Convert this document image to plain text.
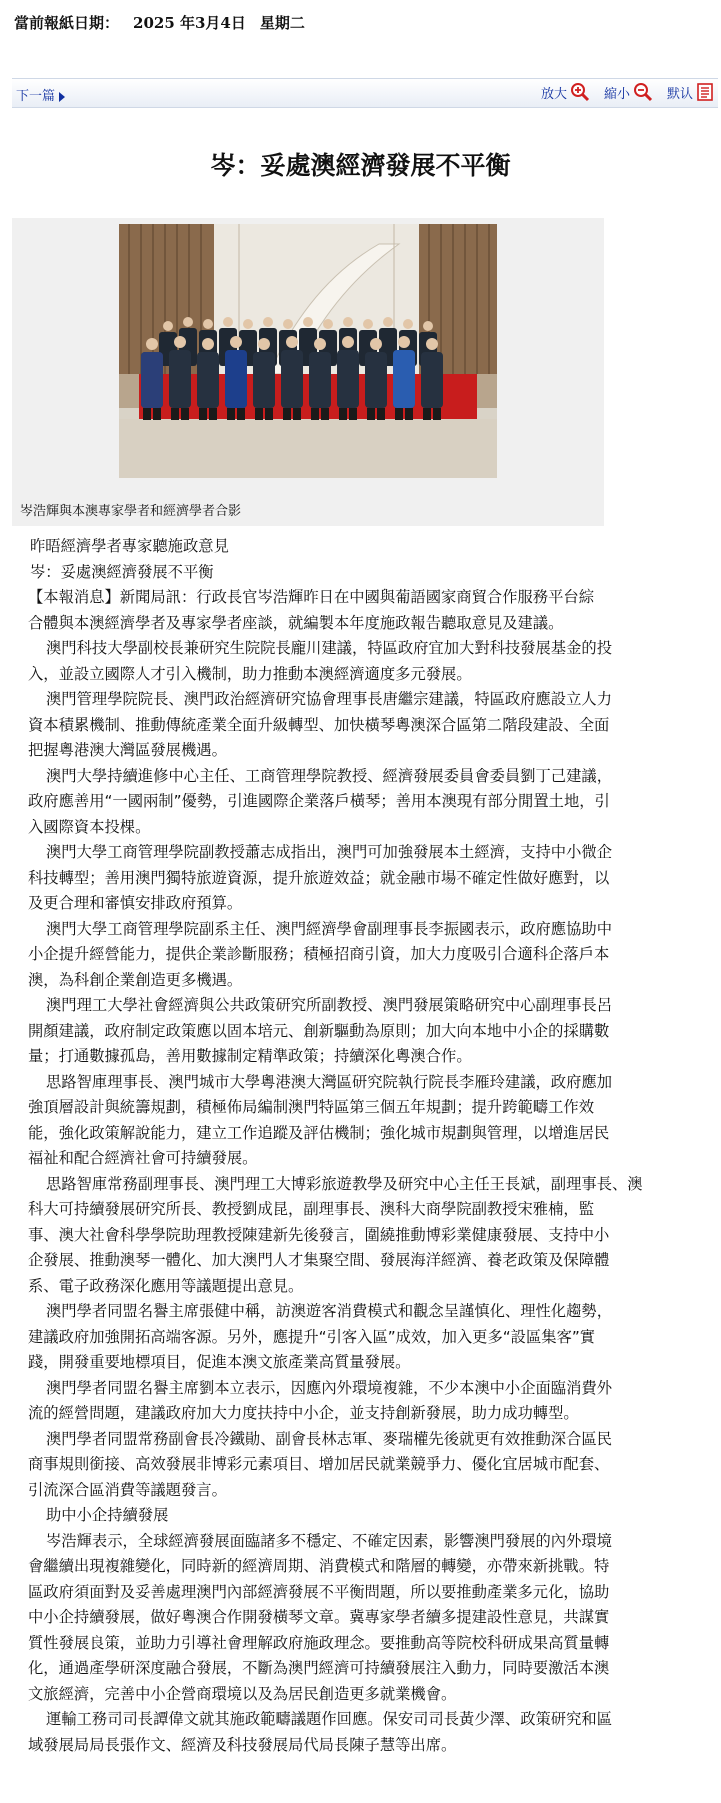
當前報紙日期： 2025 年3月4日 星期二
下一篇	放大	縮小	默认
岑：妥處澳經濟發展不平衡
岑浩輝與本澳專家學者和經濟學者合影
昨晤經濟學者專家聽施政意見
岑：妥處澳經濟發展不平衡
【本報消息】新聞局訊：行政長官岑浩輝昨日在中國與葡語國家商貿合作服務平台綜
合體與本澳經濟學者及專家學者座談，就編製本年度施政報告聽取意見及建議。
澳門科技大學副校長兼研究生院院長龐川建議，特區政府宜加大對科技發展基金的投
入，並設立國際人才引入機制，助力推動本澳經濟適度多元發展。
澳門管理學院院長、澳門政治經濟研究協會理事長唐繼宗建議，特區政府應設立人力
資本積累機制、推動傳統產業全面升級轉型、加快橫琴粵澳深合區第二階段建設、全面
把握粵港澳大灣區發展機遇。
澳門大學持續進修中心主任、工商管理學院教授、經濟發展委員會委員劉丁己建議，
政府應善用“一國兩制”優勢，引進國際企業落戶橫琴；善用本澳現有部分閒置土地，引
入國際資本投棵。
澳門大學工商管理學院副教授蕭志成指出，澳門可加強發展本土經濟，支持中小微企
科技轉型；善用澳門獨特旅遊資源，提升旅遊效益；就金融市場不確定性做好應對，以
及更合理和審慎安排政府預算。
澳門大學工商管理學院副系主任、澳門經濟學會副理事長李振國表示，政府應協助中
小企提升經營能力，提供企業診斷服務；積極招商引資，加大力度吸引合適科企落戶本
澳，為科創企業創造更多機遇。
澳門理工大學社會經濟與公共政策研究所副教授、澳門發展策略研究中心副理事長呂
開顏建議，政府制定政策應以固本培元、創新驅動為原則；加大向本地中小企的採購數
量；打通數據孤島，善用數據制定精準政策；持續深化粵澳合作。
思路智庫理事長、澳門城市大學粵港澳大灣區研究院執行院長李雁玲建議，政府應加
強頂層設計與統籌規劃，積極佈局編制澳門特區第三個五年規劃；提升跨範疇工作效
能，強化政策解說能力，建立工作追蹤及評估機制；強化城市規劃與管理，以增進居民
福祉和配合經濟社會可持續發展。
思路智庫常務副理事長、澳門理工大博彩旅遊教學及研究中心主任王長斌，副理事長、澳
科大可持續發展研究所長、教授劉成昆，副理事長、澳科大商學院副教授宋雅楠，監
事、澳大社會科學學院助理教授陳建新先後發言，圍繞推動博彩業健康發展、支持中小
企發展、推動澳琴一體化、加大澳門人才集聚空間、發展海洋經濟、養老政策及保障體
系、電子政務深化應用等議題提出意見。
澳門學者同盟名譽主席張健中稱，訪澳遊客消費模式和觀念呈謹慎化、理性化趨勢，
建議政府加強開拓高端客源。另外，應提升“引客入區”成效，加入更多“設區集客”實
踐，開發重要地標項目，促進本澳文旅產業高質量發展。
澳門學者同盟名譽主席劉本立表示，因應內外環境複雜，不少本澳中小企面臨消費外
流的經營問題，建議政府加大力度扶持中小企，並支持創新發展，助力成功轉型。
澳門學者同盟常務副會長冷鐵勛、副會長林志軍、麥瑞權先後就更有效推動深合區民
商事規則銜接、高效發展非博彩元素項目、增加居民就業競爭力、優化宜居城市配套、
引流深合區消費等議題發言。
助中小企持續發展
岑浩輝表示，全球經濟發展面臨諸多不穩定、不確定因素，影響澳門發展的內外環境
會繼續出現複雜變化，同時新的經濟周期、消費模式和階層的轉變，亦帶來新挑戰。特
區政府須面對及妥善處理澳門內部經濟發展不平衡問題，所以要推動產業多元化，協助
中小企持續發展，做好粵澳合作開發橫琴文章。冀專家學者續多提建設性意見，共謀實
質性發展良策，並助力引導社會理解政府施政理念。要推動高等院校科研成果高質量轉
化，通過產學研深度融合發展，不斷為澳門經濟可持續發展注入動力，同時要激活本澳
文旅經濟，完善中小企營商環境以及為居民創造更多就業機會。
運輸工務司司長譚偉文就其施政範疇議題作回應。保安司司長黃少澤、政策研究和區
域發展局局長張作文、經濟及科技發展局代局長陳子慧等出席。
